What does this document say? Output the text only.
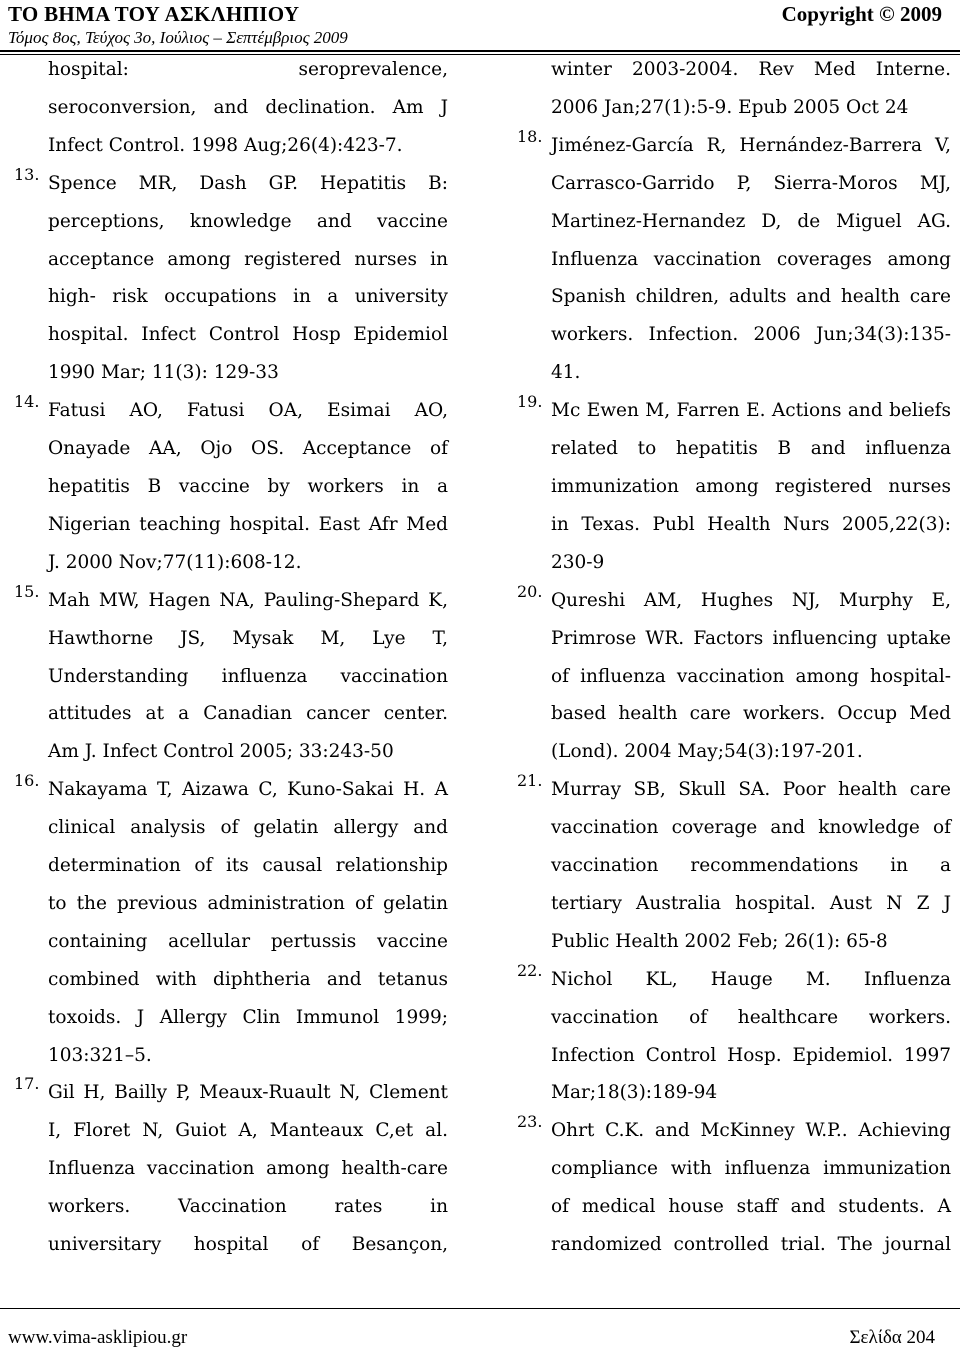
ΤΟ ΒΗΜΑ ΤΟΥ ΑΣΚΛΗΠΙΟΥ
Τόμος 8ος, Τεύχος 3ο, Ιούλιος – Σεπτέμβριος 2009
Copyright © 2009

hospital: seroprevalence,

seroconversion, and declination. Am J

Infect Control. 1998 Aug;26(4):423-7.

13. Spence MR, Dash GP. Hepatitis B:

perceptions, knowledge and vaccine

acceptance among registered nurses in

high- risk occupations in a university

hospital. Infect Control Hosp Epidemiol

1990 Mar; 11(3): 129-33

14. Fatusi AO, Fatusi OA, Esimai AO,

Onayade AA, Ojo OS. Acceptance of

hepatitis B vaccine by workers in a

Nigerian teaching hospital. East Afr Med

J. 2000 Nov;77(11):608-12.

15. Mah MW, Hagen NA, Pauling-Shepard K,

Hawthorne JS, Mysak M, Lye T,

Understanding influenza vaccination

attitudes at a Canadian cancer center.

Am J. Infect Control 2005; 33:243-50

16. Nakayama T, Aizawa C, Kuno-Sakai H. A

clinical analysis of gelatin allergy and

determination of its causal relationship

to the previous administration of gelatin

containing acellular pertussis vaccine

combined with diphtheria and tetanus

toxoids. J Allergy Clin Immunol 1999;

103:321–5.

17. Gil H, Bailly P, Meaux-Ruault N, Clement

I, Floret N, Guiot A, Manteaux C,et al.

Influenza vaccination among health-care

workers. Vaccination rates in

universitary hospital of Besançon,

winter 2003-2004. Rev Med Interne.

2006 Jan;27(1):5-9. Epub 2005 Oct 24

18. Jiménez-García R, Hernández-Barrera V,

Carrasco-Garrido P, Sierra-Moros MJ,

Martinez-Hernandez D, de Miguel AG.

Influenza vaccination coverages among

Spanish children, adults and health care

workers. Infection. 2006 Jun;34(3):135-

41.

19. Mc Ewen M, Farren E. Actions and beliefs

related to hepatitis B and influenza

immunization among registered nurses

in Texas. Publ Health Nurs 2005,22(3):

230-9

20. Qureshi AM, Hughes NJ, Murphy E,

Primrose WR. Factors influencing uptake

of influenza vaccination among hospital-

based health care workers. Occup Med

(Lond). 2004 May;54(3):197-201.

21. Murray SB, Skull SA. Poor health care

vaccination coverage and knowledge of

vaccination recommendations in a

tertiary Australia hospital. Aust N Z J

Public Health 2002 Feb; 26(1): 65-8

22. Nichol KL, Hauge M. Influenza

vaccination of healthcare workers.

Infection Control Hosp. Epidemiol. 1997

Mar;18(3):189-94

23. Ohrt C.K. and McKinney W.P.. Achieving

compliance with influenza immunization

of medical house staff and students. A

randomized controlled trial. The journal

www.vima-asklipiou.gr	Σελίδα 204
